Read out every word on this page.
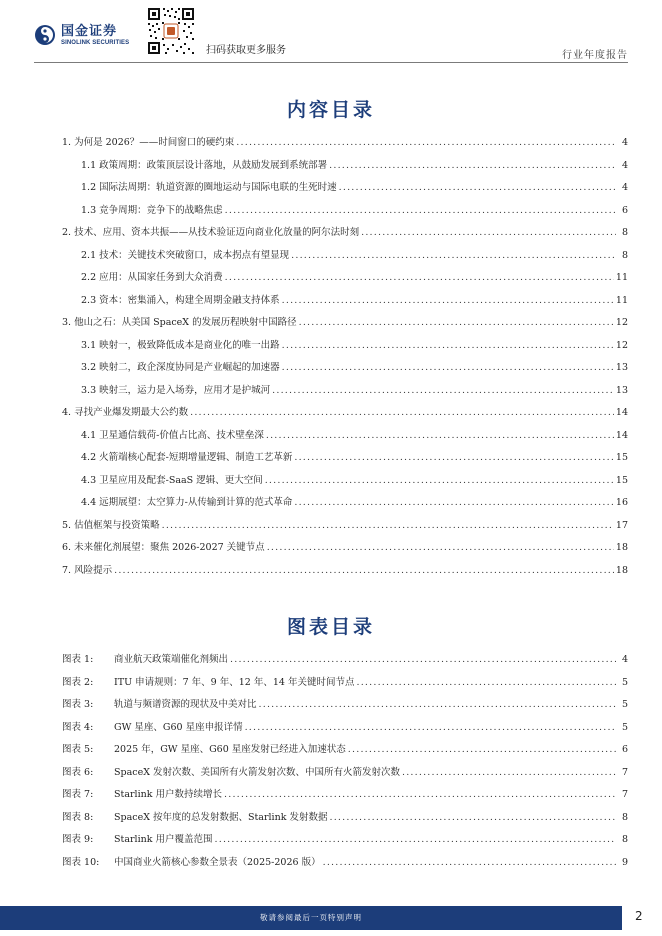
国金证券
SINOLINK SECURITIES
扫码获取更多服务	行业年度报告
内容目录
1. 为何是 2026？——时间窗口的硬约束 .....	4
1.1 政策周期：政策顶层设计落地，从鼓励发展到系统部署 .....	4
1.2 国际法周期：轨道资源的圈地运动与国际电联的生死时速 .....	4
1.3 竞争周期：竞争下的战略焦虑 .....	6
2. 技术、应用、资本共振——从技术验证迈向商业化放量的阿尔法时刻 .....	8
2.1 技术：关键技术突破窗口，成本拐点有望显现 .....	8
2.2 应用：从国家任务到大众消费 .....	11
2.3 资本：密集涌入，构建全周期金融支持体系 .....	11
3. 他山之石：从美国 SpaceX 的发展历程映射中国路径 .....	12
3.1 映射一，极致降低成本是商业化的唯一出路 .....	12
3.2 映射二，政企深度协同是产业崛起的加速器 .....	13
3.3 映射三，运力是入场券，应用才是护城河 .....	13
4. 寻找产业爆发期最大公约数 .....	14
4.1 卫星通信载荷-价值占比高、技术壁垒深 .....	14
4.2 火箭端核心配套-短期增量逻辑、制造工艺革新 .....	15
4.3 卫星应用及配套-SaaS 逻辑、更大空间 .....	15
4.4 远期展望：太空算力-从传输到计算的范式革命 .....	16
5. 估值框架与投资策略 .....	17
6. 未来催化剂展望：聚焦 2026-2027 关键节点 .....	18
7. 风险提示 .....	18
图表目录
图表 1:	商业航天政策端催化剂频出 .....	4
图表 2:	ITU 申请规则：7 年、9 年、12 年、14 年关键时间节点 .....	5
图表 3:	轨道与频谱资源的现状及中美对比 .....	5
图表 4:	GW 星座、G60 星座申报详情 .....	5
图表 5:	2025 年，GW 星座、G60 星座发射已经进入加速状态 .....	6
图表 6:	SpaceX 发射次数、美国所有火箭发射次数、中国所有火箭发射次数 .....	7
图表 7:	Starlink 用户数持续增长 .....	7
图表 8:	SpaceX 按年度的总发射数据、Starlink 发射数据 .....	8
图表 9:	Starlink 用户覆盖范围 .....	8
图表 10:	中国商业火箭核心参数全景表（2025-2026 版） .....	9
敬请参阅最后一页特别声明	2
